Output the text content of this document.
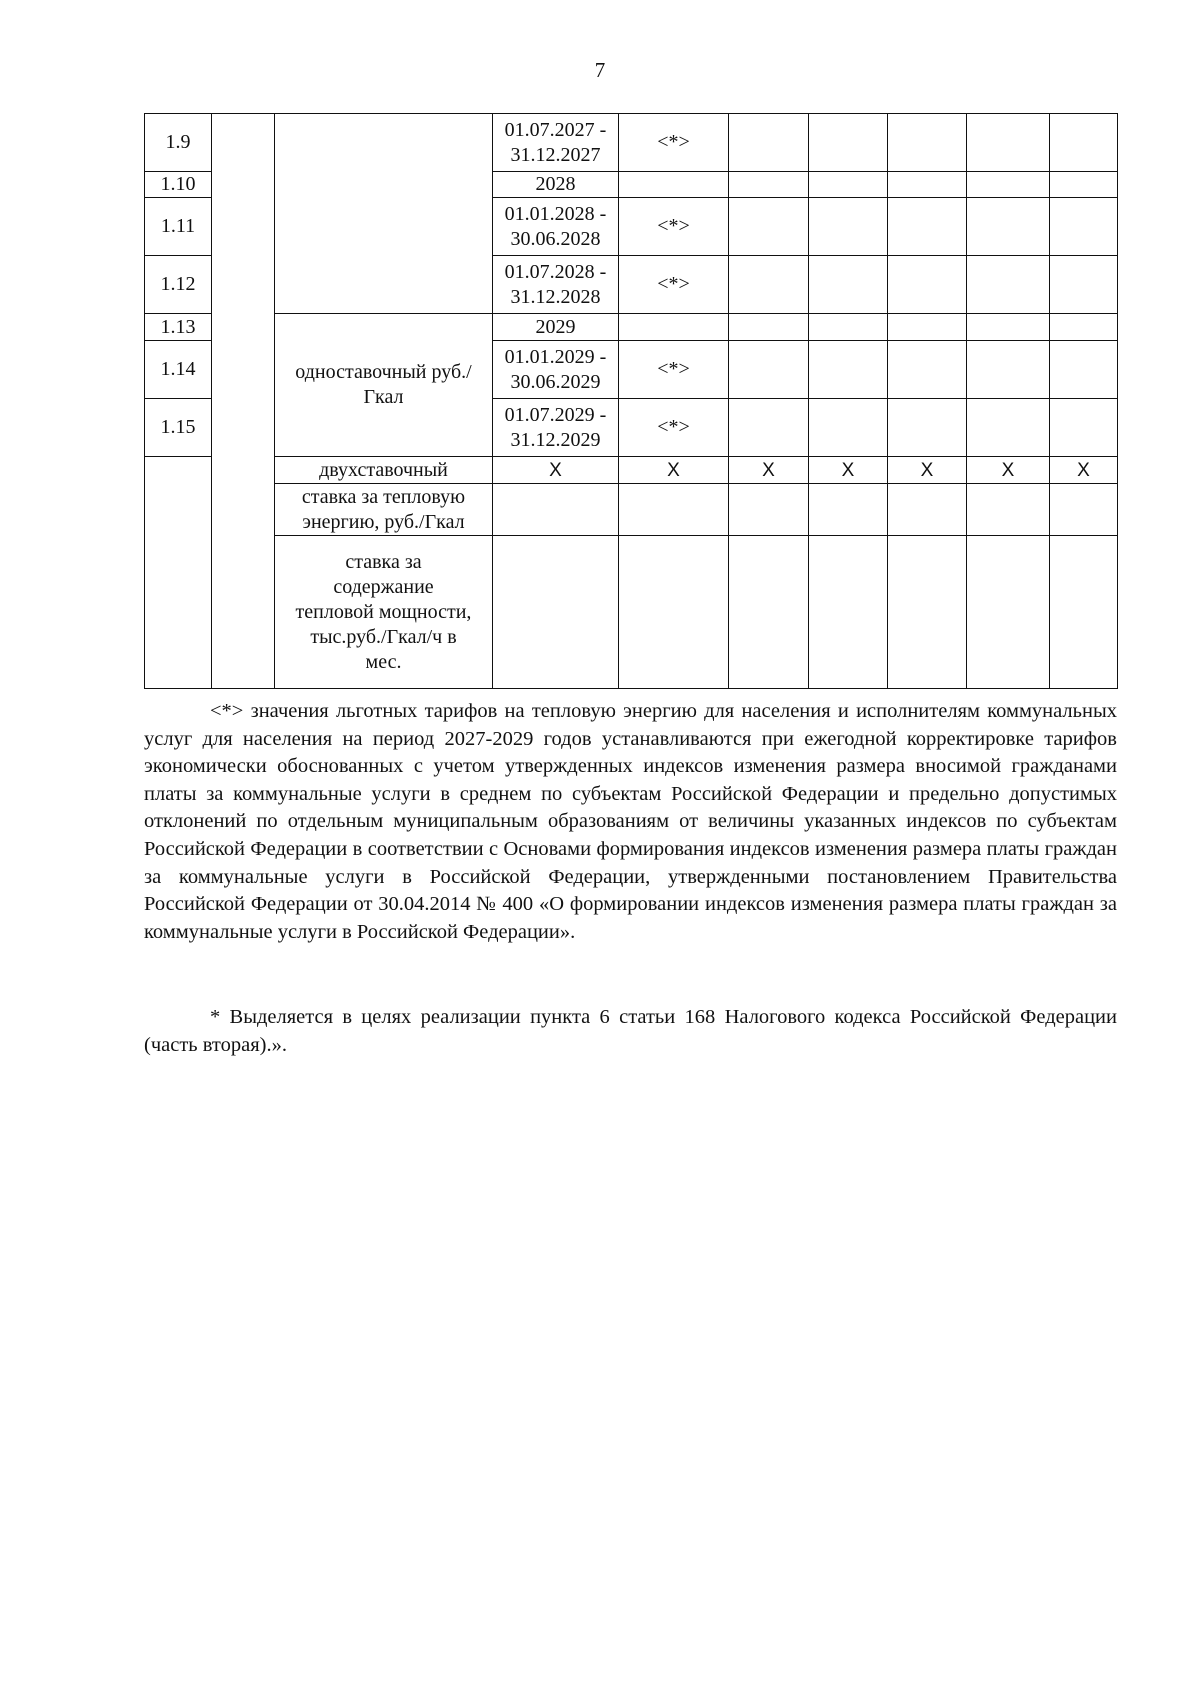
7
1.9			01.07.2027 - 31.12.2027	<*>					
1.10			2028						
1.11			01.01.2028 - 30.06.2028	<*>					
1.12			01.07.2028 - 31.12.2028	<*>					
1.13		одноставочный руб./Гкал	2029						
1.14			01.01.2029 - 30.06.2029	<*>					
1.15			01.07.2029 - 31.12.2029	<*>					
		двухставочный	X	X	X	X	X	X	X
		ставка за тепловую энергию, руб./Гкал							
		ставка за содержание тепловой мощности, тыс.руб./Гкал/ч в мес.							

<*> значения льготных тарифов на тепловую энергию для населения и исполнителям коммунальных услуг для населения на период 2027-2029 годов устанавливаются при ежегодной корректировке тарифов экономически обоснованных с учетом утвержденных индексов изменения размера вносимой гражданами платы за коммунальные услуги в среднем по субъектам Российской Федерации и предельно допустимых отклонений по отдельным муниципальным образованиям от величины указанных индексов по субъектам Российской Федерации в соответствии с Основами формирования индексов изменения размера платы граждан за коммунальные услуги в Российской Федерации, утвержденными постановлением Правительства Российской Федерации от 30.04.2014 № 400 «О формировании индексов изменения размера платы граждан за коммунальные услуги в Российской Федерации».

* Выделяется в целях реализации пункта 6 статьи 168 Налогового кодекса Российской Федерации (часть вторая).».
